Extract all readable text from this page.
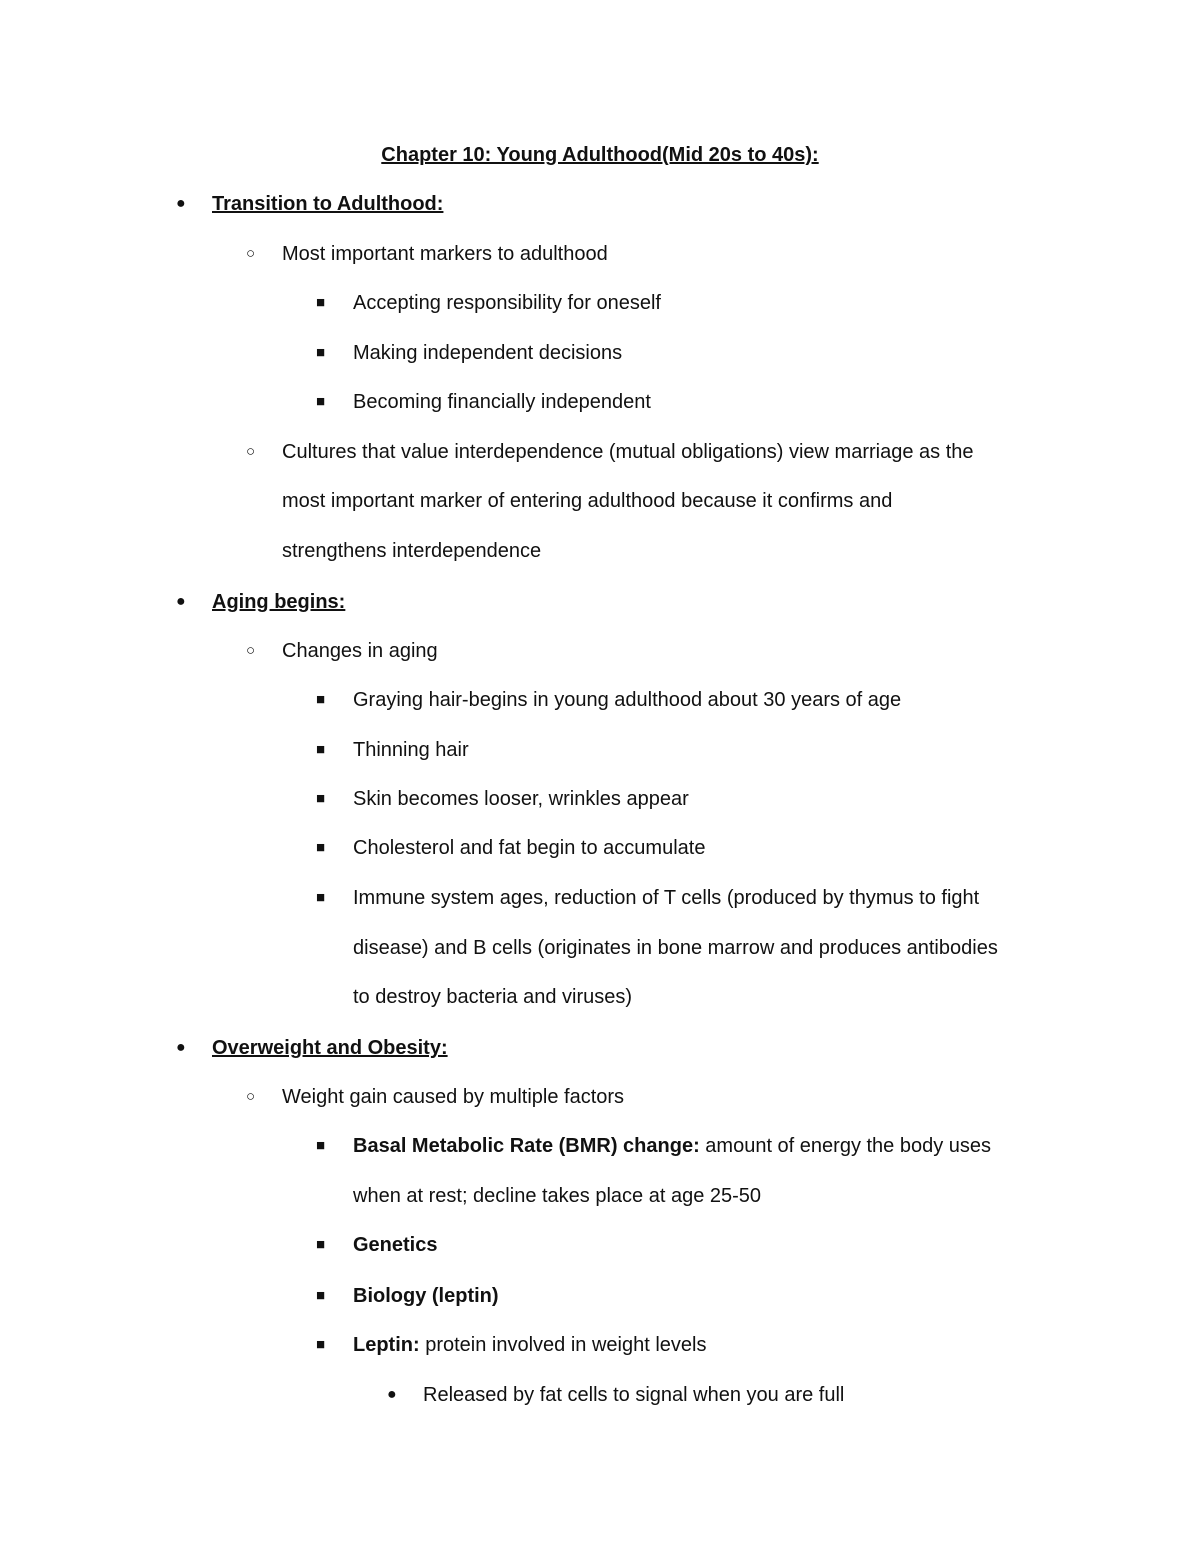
Chapter 10: Young Adulthood(Mid 20s to 40s):
● Transition to Adulthood:
○ Most important markers to adulthood
■ Accepting responsibility for oneself
■ Making independent decisions
■ Becoming financially independent
○ Cultures that value interdependence (mutual obligations) view marriage as the
most important marker of entering adulthood because it confirms and
strengthens interdependence
● Aging begins:
○ Changes in aging
■ Graying hair-begins in young adulthood about 30 years of age
■ Thinning hair
■ Skin becomes looser, wrinkles appear
■ Cholesterol and fat begin to accumulate
■ Immune system ages, reduction of T cells (produced by thymus to fight
disease) and B cells (originates in bone marrow and produces antibodies
to destroy bacteria and viruses)
● Overweight and Obesity:
○ Weight gain caused by multiple factors
■ Basal Metabolic Rate (BMR) change: amount of energy the body uses
when at rest; decline takes place at age 25-50
■ Genetics
■ Biology (leptin)
■ Leptin: protein involved in weight levels
● Released by fat cells to signal when you are full
